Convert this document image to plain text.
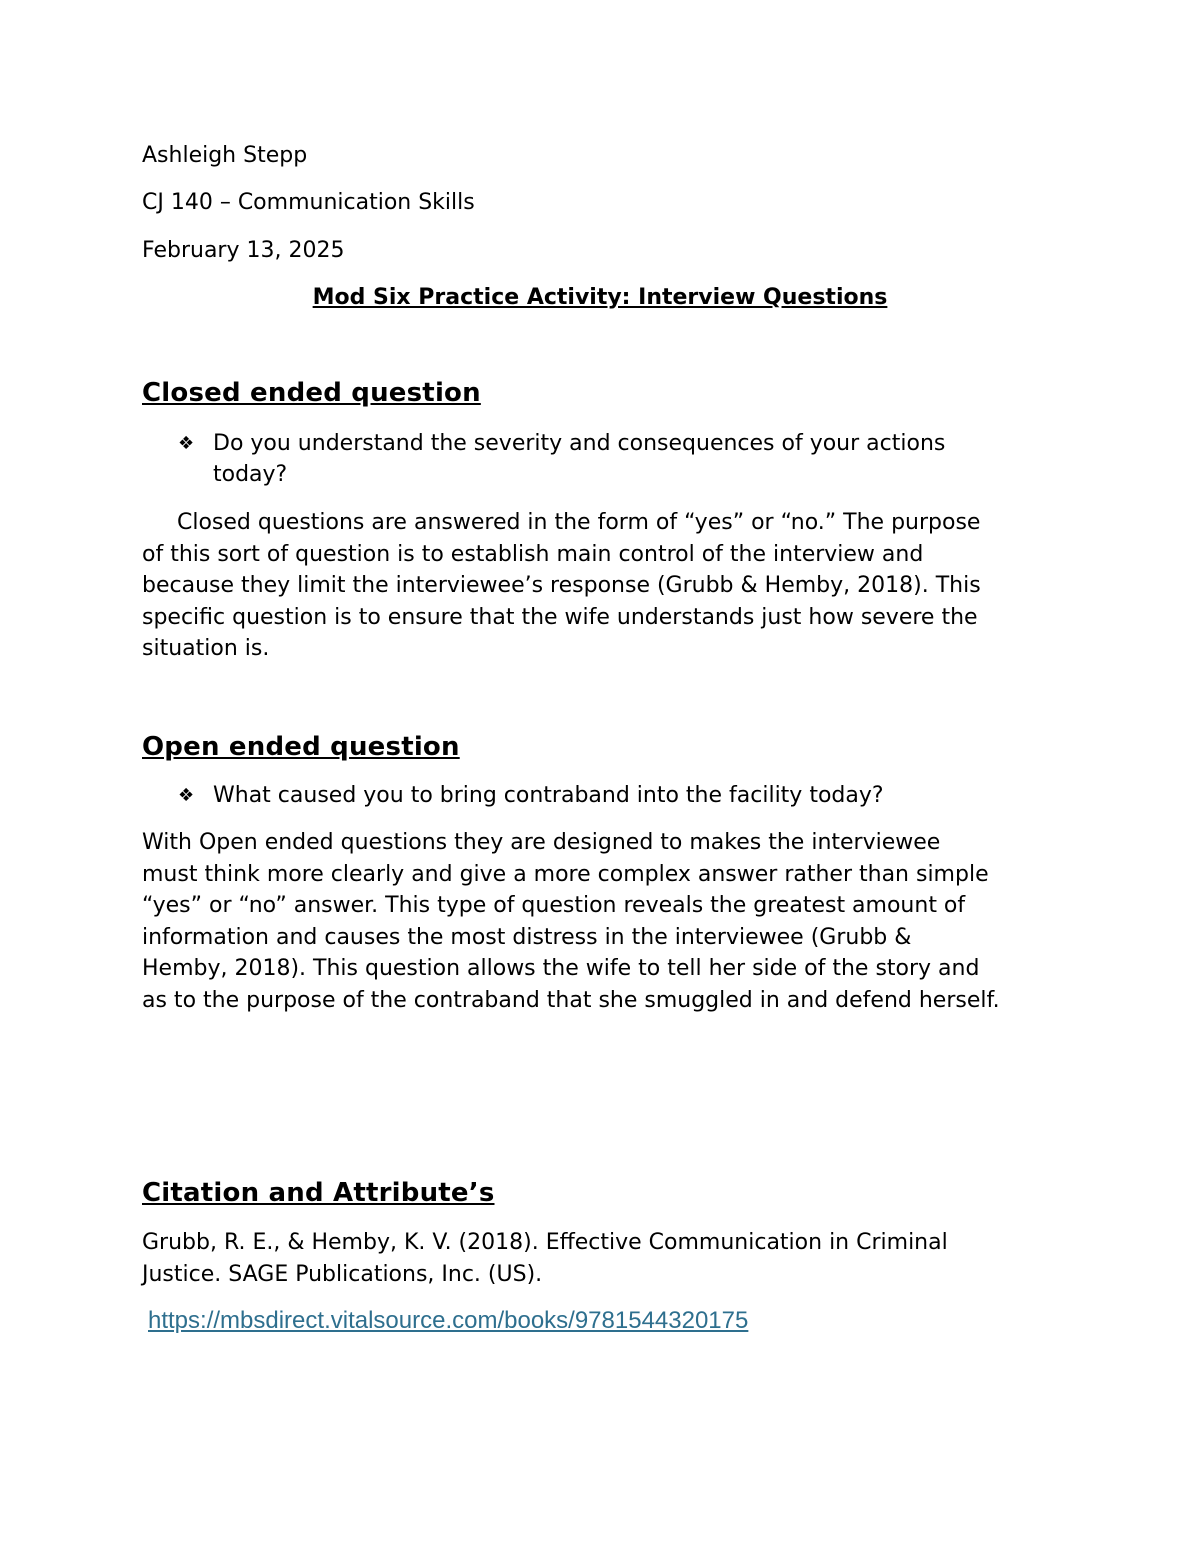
Ashleigh Stepp
CJ 140 – Communication Skills
February 13, 2025
Mod Six Practice Activity: Interview Questions
Closed ended question
❖ Do you understand the severity and consequences of your actions
today?
Closed questions are answered in the form of “yes” or “no.” The purpose
of this sort of question is to establish main control of the interview and
because they limit the interviewee’s response (Grubb & Hemby, 2018). This
specific question is to ensure that the wife understands just how severe the
situation is.
Open ended question
❖ What caused you to bring contraband into the facility today?
With Open ended questions they are designed to makes the interviewee
must think more clearly and give a more complex answer rather than simple
“yes” or “no” answer. This type of question reveals the greatest amount of
information and causes the most distress in the interviewee (Grubb &
Hemby, 2018). This question allows the wife to tell her side of the story and
as to the purpose of the contraband that she smuggled in and defend herself.
Citation and Attribute’s
Grubb, R. E., & Hemby, K. V. (2018). Effective Communication in Criminal
Justice. SAGE Publications, Inc. (US).
https://mbsdirect.vitalsource.com/books/9781544320175
